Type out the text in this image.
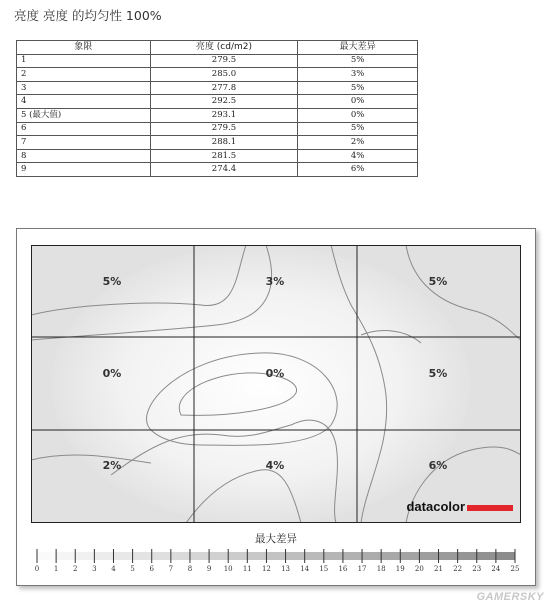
亮度 亮度 的均匀性 100%
象限	亮度 (cd/m2)	最大差异
1	279.5	5%
2	285.0	3%
3	277.8	5%
4	292.5	0%
5 (最大值)	293.1	0%
6	279.5	5%
7	288.1	2%
8	281.5	4%
9	274.4	6%
5%	3%	5%
0%	0%	5%
2%	4%	6%
datacolor
最大差异
0	1	2	3	4	5	6	7	8	9	10	11	12	13	14	15	16	17	18	19	20	21	22	23	24	25
GAMERSKY
